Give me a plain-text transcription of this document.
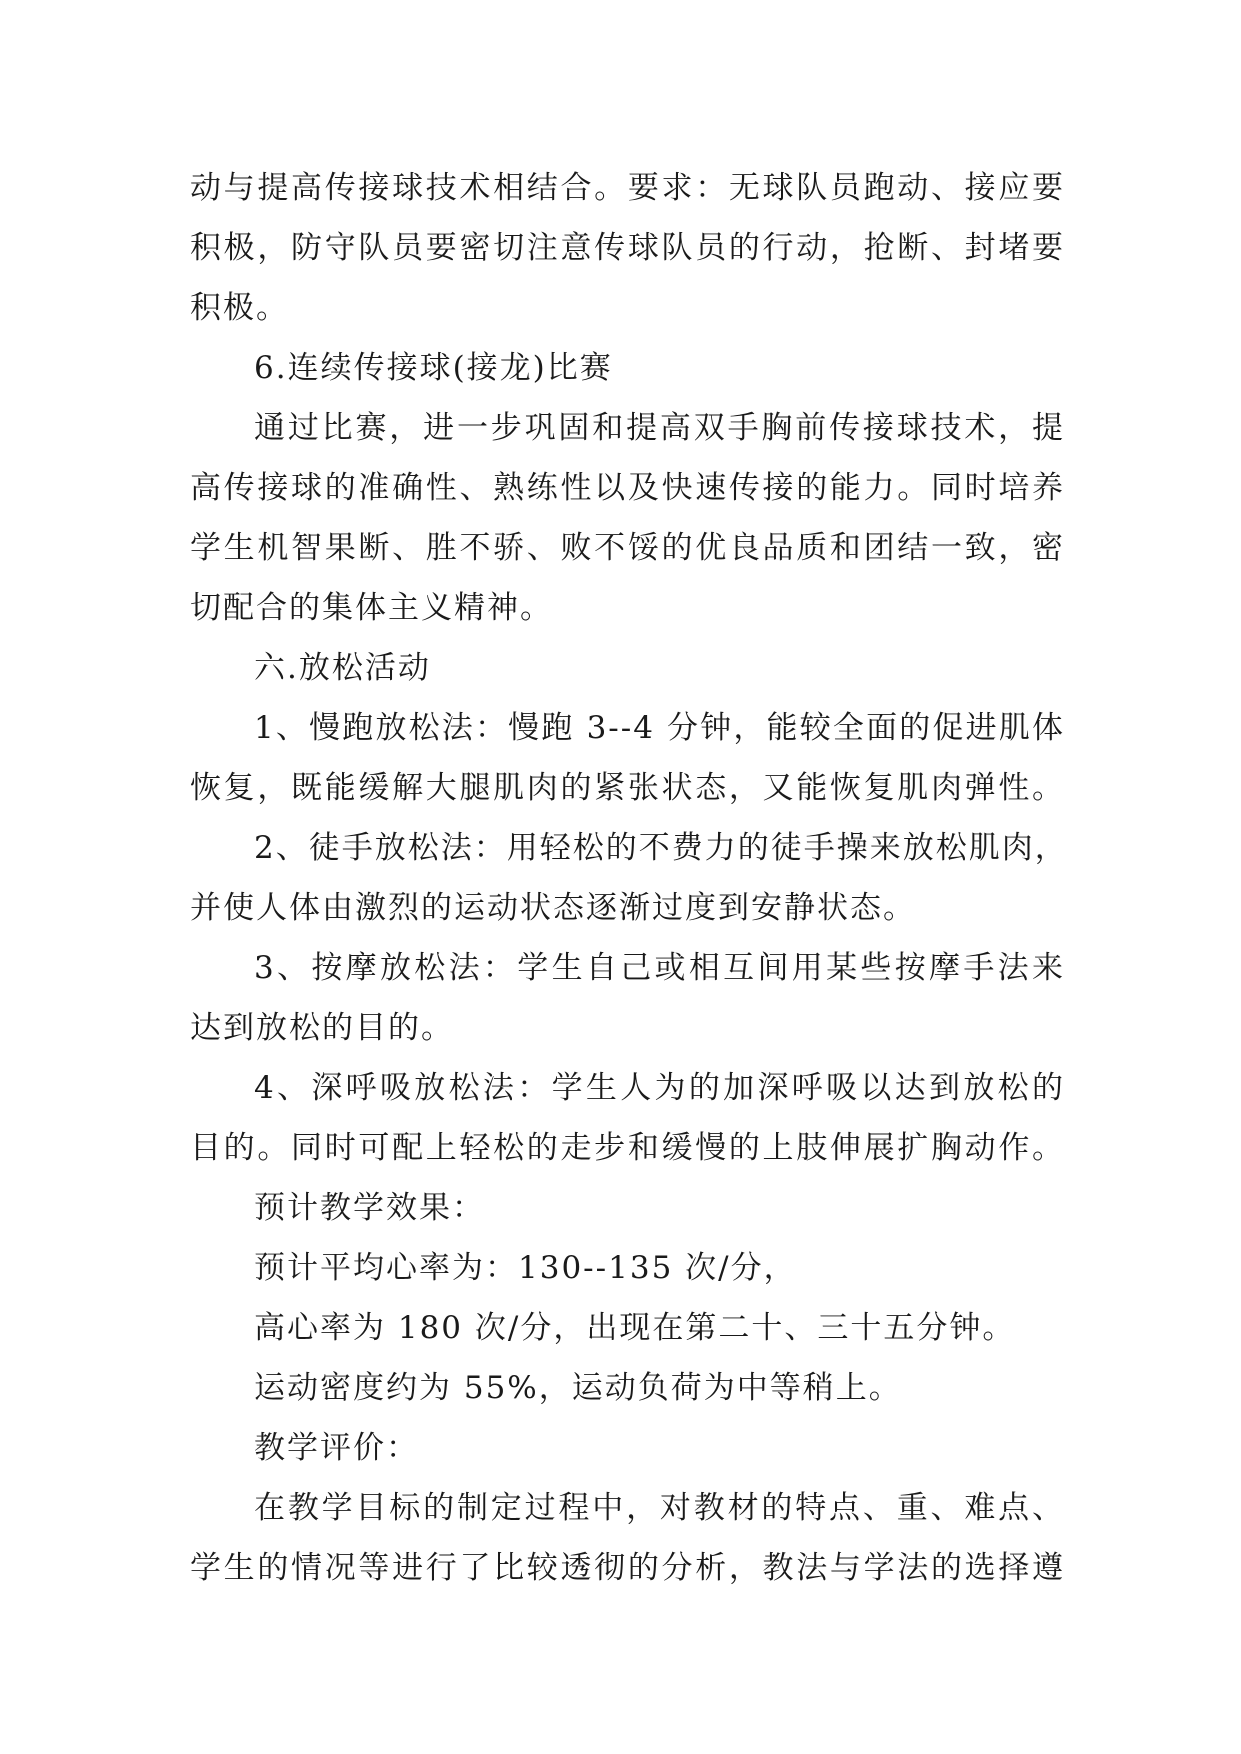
动与提高传接球技术相结合。要求：无球队员跑动、接应要
积极，防守队员要密切注意传球队员的行动，抢断、封堵要
积极。
6.连续传接球(接龙)比赛
通过比赛，进一步巩固和提高双手胸前传接球技术，提
高传接球的准确性、熟练性以及快速传接的能力。同时培养
学生机智果断、胜不骄、败不馁的优良品质和团结一致，密
切配合的集体主义精神。
六.放松活动
1、慢跑放松法：慢跑 3--4 分钟，能较全面的促进肌体
恢复，既能缓解大腿肌肉的紧张状态，又能恢复肌肉弹性。
2、徒手放松法：用轻松的不费力的徒手操来放松肌肉，
并使人体由激烈的运动状态逐渐过度到安静状态。
3、按摩放松法：学生自己或相互间用某些按摩手法来
达到放松的目的。
4、深呼吸放松法：学生人为的加深呼吸以达到放松的
目的。同时可配上轻松的走步和缓慢的上肢伸展扩胸动作。
预计教学效果：
预计平均心率为：130--135 次/分，
高心率为 180 次/分，出现在第二十、三十五分钟。
运动密度约为 55%，运动负荷为中等稍上。
教学评价：
在教学目标的制定过程中，对教材的特点、重、难点、
学生的情况等进行了比较透彻的分析，教法与学法的选择遵
